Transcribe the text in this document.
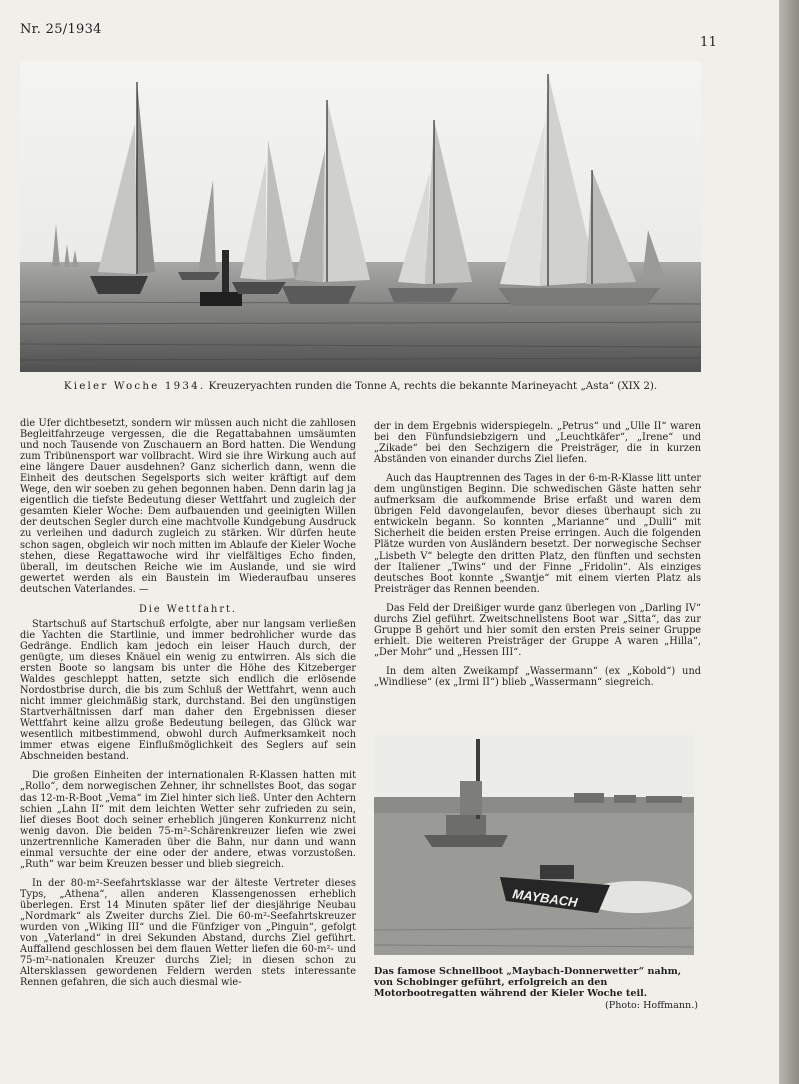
Nr. 25/1934
11
Kieler Woche 1934. Kreuzeryachten runden die Tonne A, rechts die bekannte Marineyacht „Asta“ (XIX 2).

die Ufer dichtbesetzt, sondern wir müssen auch nicht die zahllosen Begleitfahrzeuge vergessen, die die Regattabahnen umsäumten und noch Tausende von Zuschauern an Bord hatten. Die Wendung zum Tribünensport war vollbracht. Wird sie ihre Wirkung auch auf eine längere Dauer ausdehnen? Ganz sicherlich dann, wenn die Einheit des deutschen Segelsports sich weiter kräftigt auf dem Wege, den wir soeben zu gehen begonnen haben. Denn darin lag ja eigentlich die tiefste Bedeutung dieser Wettfahrt und zugleich der gesamten Kieler Woche: Dem aufbauenden und geeinigten Willen der deutschen Segler durch eine machtvolle Kundgebung Ausdruck zu verleihen und dadurch zugleich zu stärken. Wir dürfen heute schon sagen, obgleich wir noch mitten im Ablaufe der Kieler Woche stehen, diese Regattawoche wird ihr vielfältiges Echo finden, überall, im deutschen Reiche wie im Auslande, und sie wird gewertet werden als ein Baustein im Wiederaufbau unseres deutschen Vaterlandes. —

Die Wettfahrt.

Startschuß auf Startschuß erfolgte, aber nur langsam verließen die Yachten die Startlinie, und immer bedrohlicher wurde das Gedränge. Endlich kam jedoch ein leiser Hauch durch, der genügte, um dieses Knäuel ein wenig zu entwirren. Als sich die ersten Boote so langsam bis unter die Höhe des Kitzeberger Waldes geschleppt hatten, setzte sich endlich die erlösende Nordostbrise durch, die bis zum Schluß der Wettfahrt, wenn auch nicht immer gleichmäßig stark, durchstand. Bei den ungünstigen Startverhältnissen darf man daher den Ergebnissen dieser Wettfahrt keine allzu große Bedeutung beilegen, das Glück war wesentlich mitbestimmend, obwohl durch Aufmerksamkeit noch immer etwas eigene Einflußmöglichkeit des Seglers auf sein Abschneiden bestand.

Die großen Einheiten der internationalen R-Klassen hatten mit „Rollo“, dem norwegischen Zehner, ihr schnellstes Boot, das sogar das 12-m-R-Boot „Vema“ im Ziel hinter sich ließ. Unter den Achtern schien „Lahn II“ mit dem leichten Wetter sehr zufrieden zu sein, lief dieses Boot doch seiner erheblich jüngeren Konkurrenz nicht wenig davon. Die beiden 75-m²-Schärenkreuzer liefen wie zwei unzertrennliche Kameraden über die Bahn, nur dann und wann einmal versuchte der eine oder der andere, etwas vorzustoßen. „Ruth“ war beim Kreuzen besser und blieb siegreich.

In der 80-m²-Seefahrtsklasse war der älteste Vertreter dieses Typs, „Athena“, allen anderen Klassengenossen erheblich überlegen. Erst 14 Minuten später lief der diesjährige Neubau „Nordmark“ als Zweiter durchs Ziel. Die 60-m²-Seefahrtskreuzer wurden von „Wiking III“ und die Fünfziger von „Pinguin“, gefolgt von „Vaterland“ in drei Sekunden Abstand, durchs Ziel geführt. Auffallend geschlossen bei dem flauen Wetter liefen die 60-m²- und 75-m²-nationalen Kreuzer durchs Ziel; in diesen schon zu Altersklassen gewordenen Feldern werden stets interessante Rennen gefahren, die sich auch diesmal wie-

der in dem Ergebnis widerspiegeln. „Petrus“ und „Ulle II“ waren bei den Fünfundsiebzigern und „Leuchtkäfer“, „Irene“ und „Zikade“ bei den Sechzigern die Preisträger, die in kurzen Abständen von einander durchs Ziel liefen.

Auch das Hauptrennen des Tages in der 6-m-R-Klasse litt unter dem ungünstigen Beginn. Die schwedischen Gäste hatten sehr aufmerksam die aufkommende Brise erfaßt und waren dem übrigen Feld davongelaufen, bevor dieses überhaupt sich zu entwickeln begann. So konnten „Marianne“ und „Dulli“ mit Sicherheit die beiden ersten Preise erringen. Auch die folgenden Plätze wurden von Ausländern besetzt. Der norwegische Sechser „Lisbeth V“ belegte den dritten Platz, den fünften und sechsten der Italiener „Twins“ und der Finne „Fridolin“. Als einziges deutsches Boot konnte „Swantje“ mit einem vierten Platz als Preisträger das Rennen beenden.

Das Feld der Dreißiger wurde ganz überlegen von „Darling IV“ durchs Ziel geführt. Zweitschnellstens Boot war „Sitta“, das zur Gruppe B gehört und hier somit den ersten Preis seiner Gruppe erhielt. Die weiteren Preisträger der Gruppe A waren „Hilla“, „Der Mohr“ und „Hessen III“.

In dem alten Zweikampf „Wassermann“ (ex „Kobold“) und „Windliese“ (ex „Irmi II“) blieb „Wassermann“ siegreich.

MAYBACH
Das famose Schnellboot „Maybach-Donnerwetter“ nahm, von Schobinger geführt, erfolgreich an den Motorbootregatten während der Kieler Woche teil.
(Photo: Hoffmann.)
